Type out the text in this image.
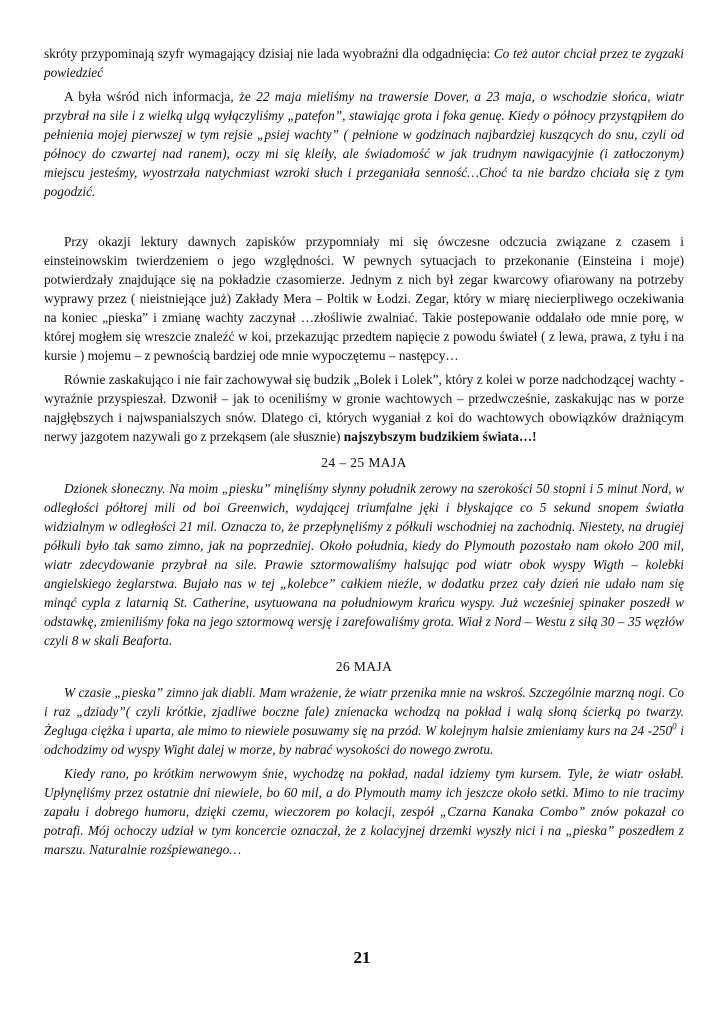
skróty przypominają szyfr wymagający dzisiaj nie lada wyobraźni dla odgadnięcia: Co też autor chciał przez te zygzaki powiedzieć

A była wśród nich informacja, że 22 maja mieliśmy na trawersie Dover, a 23 maja, o wschodzie słońca, wiatr przybrał na sile i z wielką ulgą wyłączyliśmy „patefon”, stawiając grota i foka genuę. Kiedy o północy przystąpiłem do pełnienia mojej pierwszej w tym rejsie „psiej wachty” ( pełnione w godzinach najbardziej kuszących do snu, czyli od północy do czwartej nad ranem), oczy mi się kleiły, ale świadomość w jak trudnym nawigacyjnie (i zatłoczonym) miejscu jesteśmy, wyostrzała natychmiast wzroki słuch i przeganiała senność…Choć ta nie bardzo chciała się z tym pogodzić.

Przy okazji lektury dawnych zapisków przypomniały mi się ówczesne odczucia związane z czasem i einsteinowskim twierdzeniem o jego względności. W pewnych sytuacjach to przekonanie (Einsteina i moje) potwierdzały znajdujące się na pokładzie czasomierze. Jednym z nich był zegar kwarcowy ofiarowany na potrzeby wyprawy przez ( nieistniejące już) Zakłady Mera – Poltik w Łodzi. Zegar, który w miarę niecierpliwego oczekiwania na koniec „pieska” i zmianę wachty zaczynał …złośliwie zwalniać. Takie postepowanie oddalało ode mnie porę, w której mogłem się wreszcie znaleźć w koi, przekazując przedtem napięcie z powodu świateł ( z lewa, prawa, z tyłu i na kursie ) mojemu – z pewnością bardziej ode mnie wypoczętemu – następcy…

Równie zaskakująco i nie fair zachowywał się budzik „Bolek i Lolek”, który z kolei w porze nadchodzącej wachty - wyraźnie przyspieszał. Dzwonił – jak to oceniliśmy w gronie wachtowych – przedwcześnie, zaskakując nas w porze najgłębszych i najwspanialszych snów. Dlatego ci, których wyganiał z koi do wachtowych obowiązków drażniącym nerwy jazgotem nazywali go z przekąsem (ale słusznie) najszybszym budzikiem świata…!

24 – 25 MAJA

Dzionek słoneczny. Na moim „piesku” minęliśmy słynny południk zerowy na szerokości 50 stopni i 5 minut Nord, w odległości półtorej mili od boi Greenwich, wydającej triumfalne jęki i błyskające co 5 sekund snopem światła widzialnym w odległości 21 mil. Oznacza to, że przepłynęliśmy z półkuli wschodniej na zachodnią. Niestety, na drugiej półkuli było tak samo zimno, jak na poprzedniej. Około południa, kiedy do Plymouth pozostało nam około 200 mil, wiatr zdecydowanie przybrał na sile. Prawie sztormowaliśmy halsując pod wiatr obok wyspy Wigth – kolebki angielskiego żeglarstwa. Bujało nas w tej „kolebce” całkiem nieźle, w dodatku przez cały dzień nie udało nam się minąć cypla z latarnią St. Catherine, usytuowana na południowym krańcu wyspy. Już wcześniej spinaker poszedł w odstawkę, zmieniliśmy foka na jego sztormową wersję i zarefowaliśmy grota. Wiał z Nord – Westu z siłą 30 – 35 węzłów czyli 8 w skali Beaforta.

26 MAJA

W czasie „pieska” zimno jak diabli. Mam wrażenie, że wiatr przenika mnie na wskroś. Szczególnie marzną nogi. Co i raz „dziady”( czyli krótkie, zjadliwe boczne fale) znienacka wchodzą na pokład i walą słoną ścierką po twarzy. Żegluga ciężka i uparta, ale mimo to niewiele posuwamy się na przód. W kolejnym halsie zmieniamy kurs na 24 $-250^0$ i odchodzimy od wyspy Wight dalej w morze, by nabrać wysokości do nowego zwrotu.

Kiedy rano, po krótkim nerwowym śnie, wychodzę na pokład, nadal idziemy tym kursem. Tyle, że wiatr osłabł. Upłynęliśmy przez ostatnie dni niewiele, bo 60 mil, a do Plymouth mamy ich jeszcze około setki. Mimo to nie tracimy zapału i dobrego humoru, dzięki czemu, wieczorem po kolacji, zespół „Czarna Kanaka Combo” znów pokazał co potrafi. Mój ochoczy udział w tym koncercie oznaczał, że z kolacyjnej drzemki wyszły nici i na „pieska” poszedłem z marszu. Naturalnie rozśpiewanego…

21
